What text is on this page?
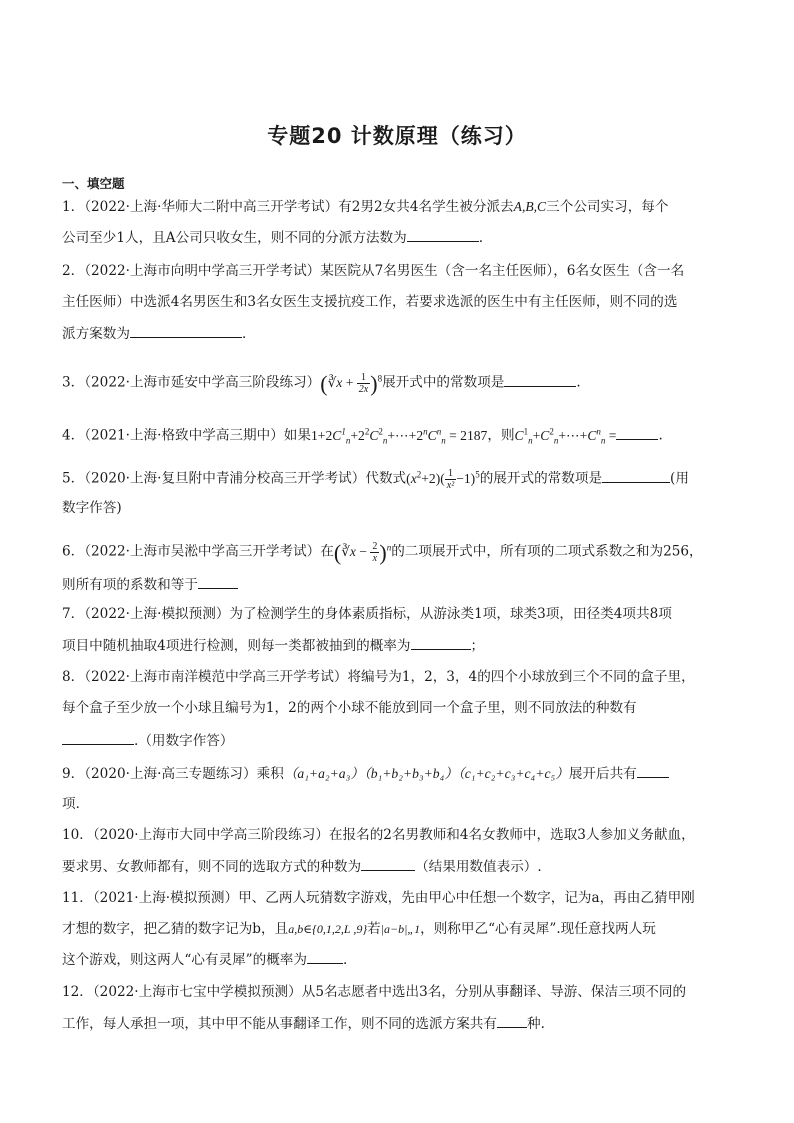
专题20 计数原理（练习）
一、填空题
1．（2022·上海·华师大二附中高三开学考试）有2男2女共4名学生被分派去A,B,C三个公司实习，每个
公司至少1人，且A公司只收女生，则不同的分派方法数为	.
2．（2022·上海市向明中学高三开学考试）某医院从7名男医生（含一名主任医师），6名女医生（含一名
主任医师）中选派4名男医生和3名女医生支援抗疫工作，若要求选派的医生中有主任医师，则不同的选
派方案数为	．
3．（2022·上海市延安中学高三阶段练习）(∛x + $\frac{1}{2x} )^8$展开式中的常数项是	.
4．（2021·上海·格致中学高三期中）如果$1+2C^1_n+2^2C^2_n+\cdots+2^nC^n_n = 2187$，则$C^1_n+C^2_n+\cdots+C^n_n$ =	.
5．（2020·上海·复旦附中青浦分校高三开学考试）代数式$(x^2+2)( \frac{1}{\text{x²}} -1)^5$的展开式的常数项是	(用
数字作答)
6．（2022·上海市吴淞中学高三开学考试）在(∛x − $\frac{2}{x} )^n$的二项展开式中，所有项的二项式系数之和为256，
则所有项的系数和等于
7．（2022·上海·模拟预测）为了检测学生的身体素质指标，从游泳类1项，球类3项，田径类4项共8项
项目中随机抽取4项进行检测，则每一类都被抽到的概率为	；
8．（2022·上海市南洋模范中学高三开学考试）将编号为1，2，3，4的四个小球放到三个不同的盒子里，
每个盒子至少放一个小球且编号为1，2的两个小球不能放到同一个盒子里，则不同放法的种数有
.（用数字作答）
9．（2020·上海·高三专题练习）乘积（a₁+a₂+a₃）（b₁+b₂+b₃+b₄）（c₁+c₂+c₃+c₄+c₅）展开后共有
项．
10．（2020·上海市大同中学高三阶段练习）在报名的2名男教师和4名女教师中，选取3人参加义务献血，
要求男、女教师都有，则不同的选取方式的种数为	（结果用数值表示）.
11．（2021·上海·模拟预测）甲、乙两人玩猜数字游戏，先由甲心中任想一个数字，记为a，再由乙猜甲刚
才想的数字，把乙猜的数字记为b，且a,b∈{0,1,2,L ,9}若|a−b|„1，则称甲乙“心有灵犀”.现任意找两人玩
这个游戏，则这两人“心有灵犀”的概率为	.
12．（2022·上海市七宝中学模拟预测）从5名志愿者中选出3名，分别从事翻译、导游、保洁三项不同的
工作，每人承担一项，其中甲不能从事翻译工作，则不同的选派方案共有 种.
